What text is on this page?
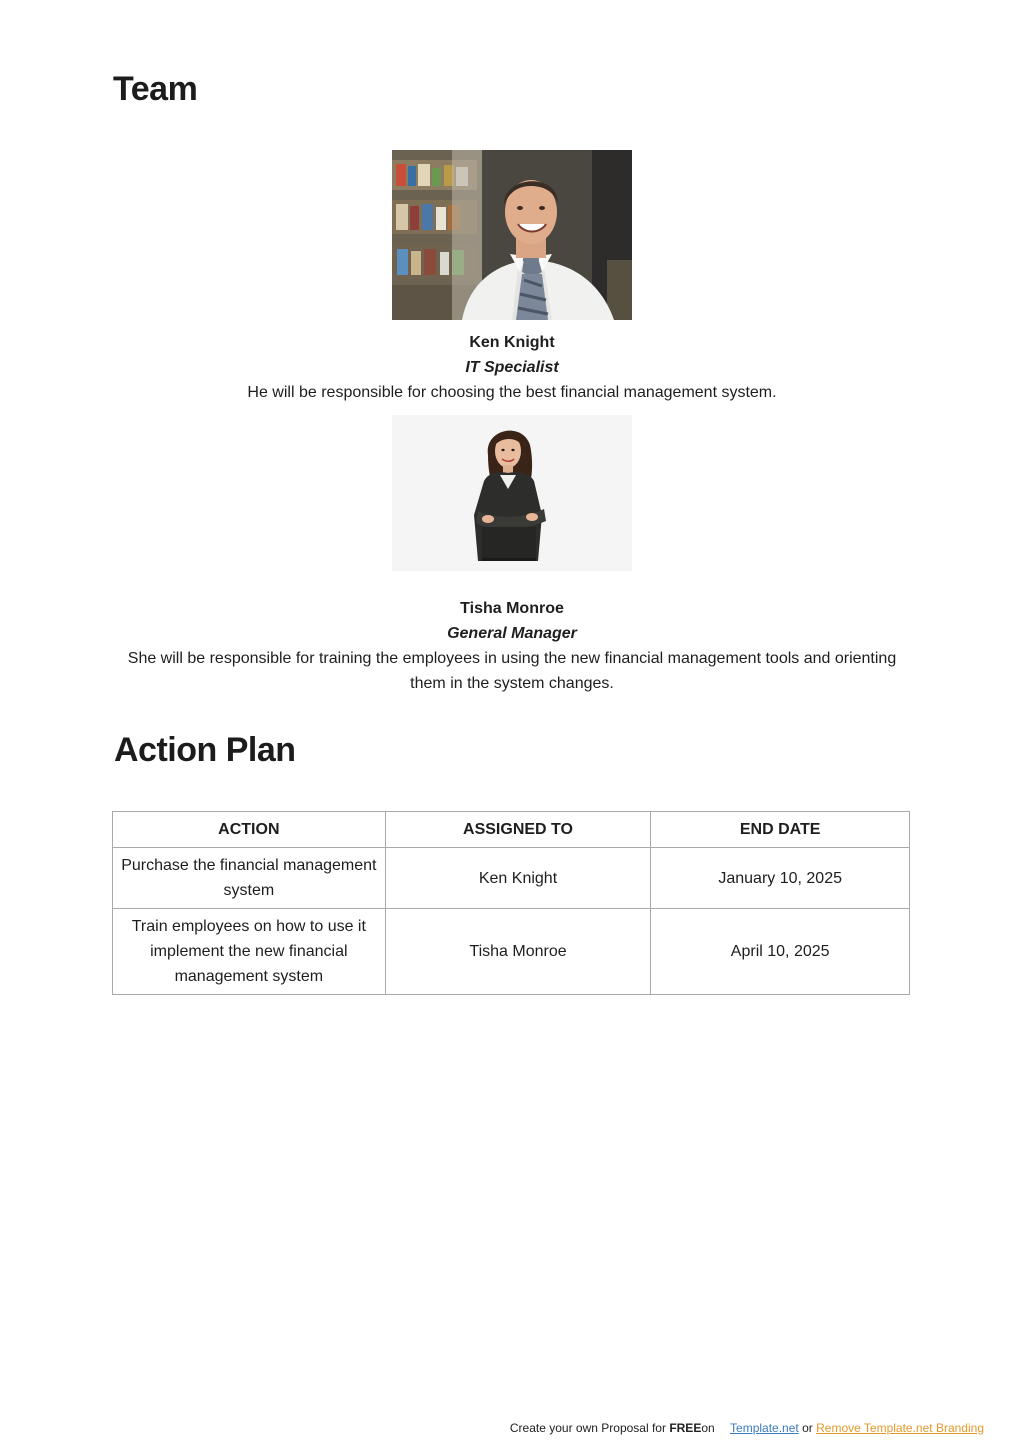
Team
Ken Knight
IT Specialist
He will be responsible for choosing the best financial management system.
Tisha Monroe
General Manager
She will be responsible for training the employees in using the new financial management tools and orienting them in the system changes.
Action Plan
ACTION	ASSIGNED TO	END DATE
Purchase the financial management system	Ken Knight	January 10, 2025
Train employees on how to use it implement the new financial management system	Tisha Monroe	April 10, 2025
Create your own Proposal for FREEon Template.net or Remove Template.net Branding
